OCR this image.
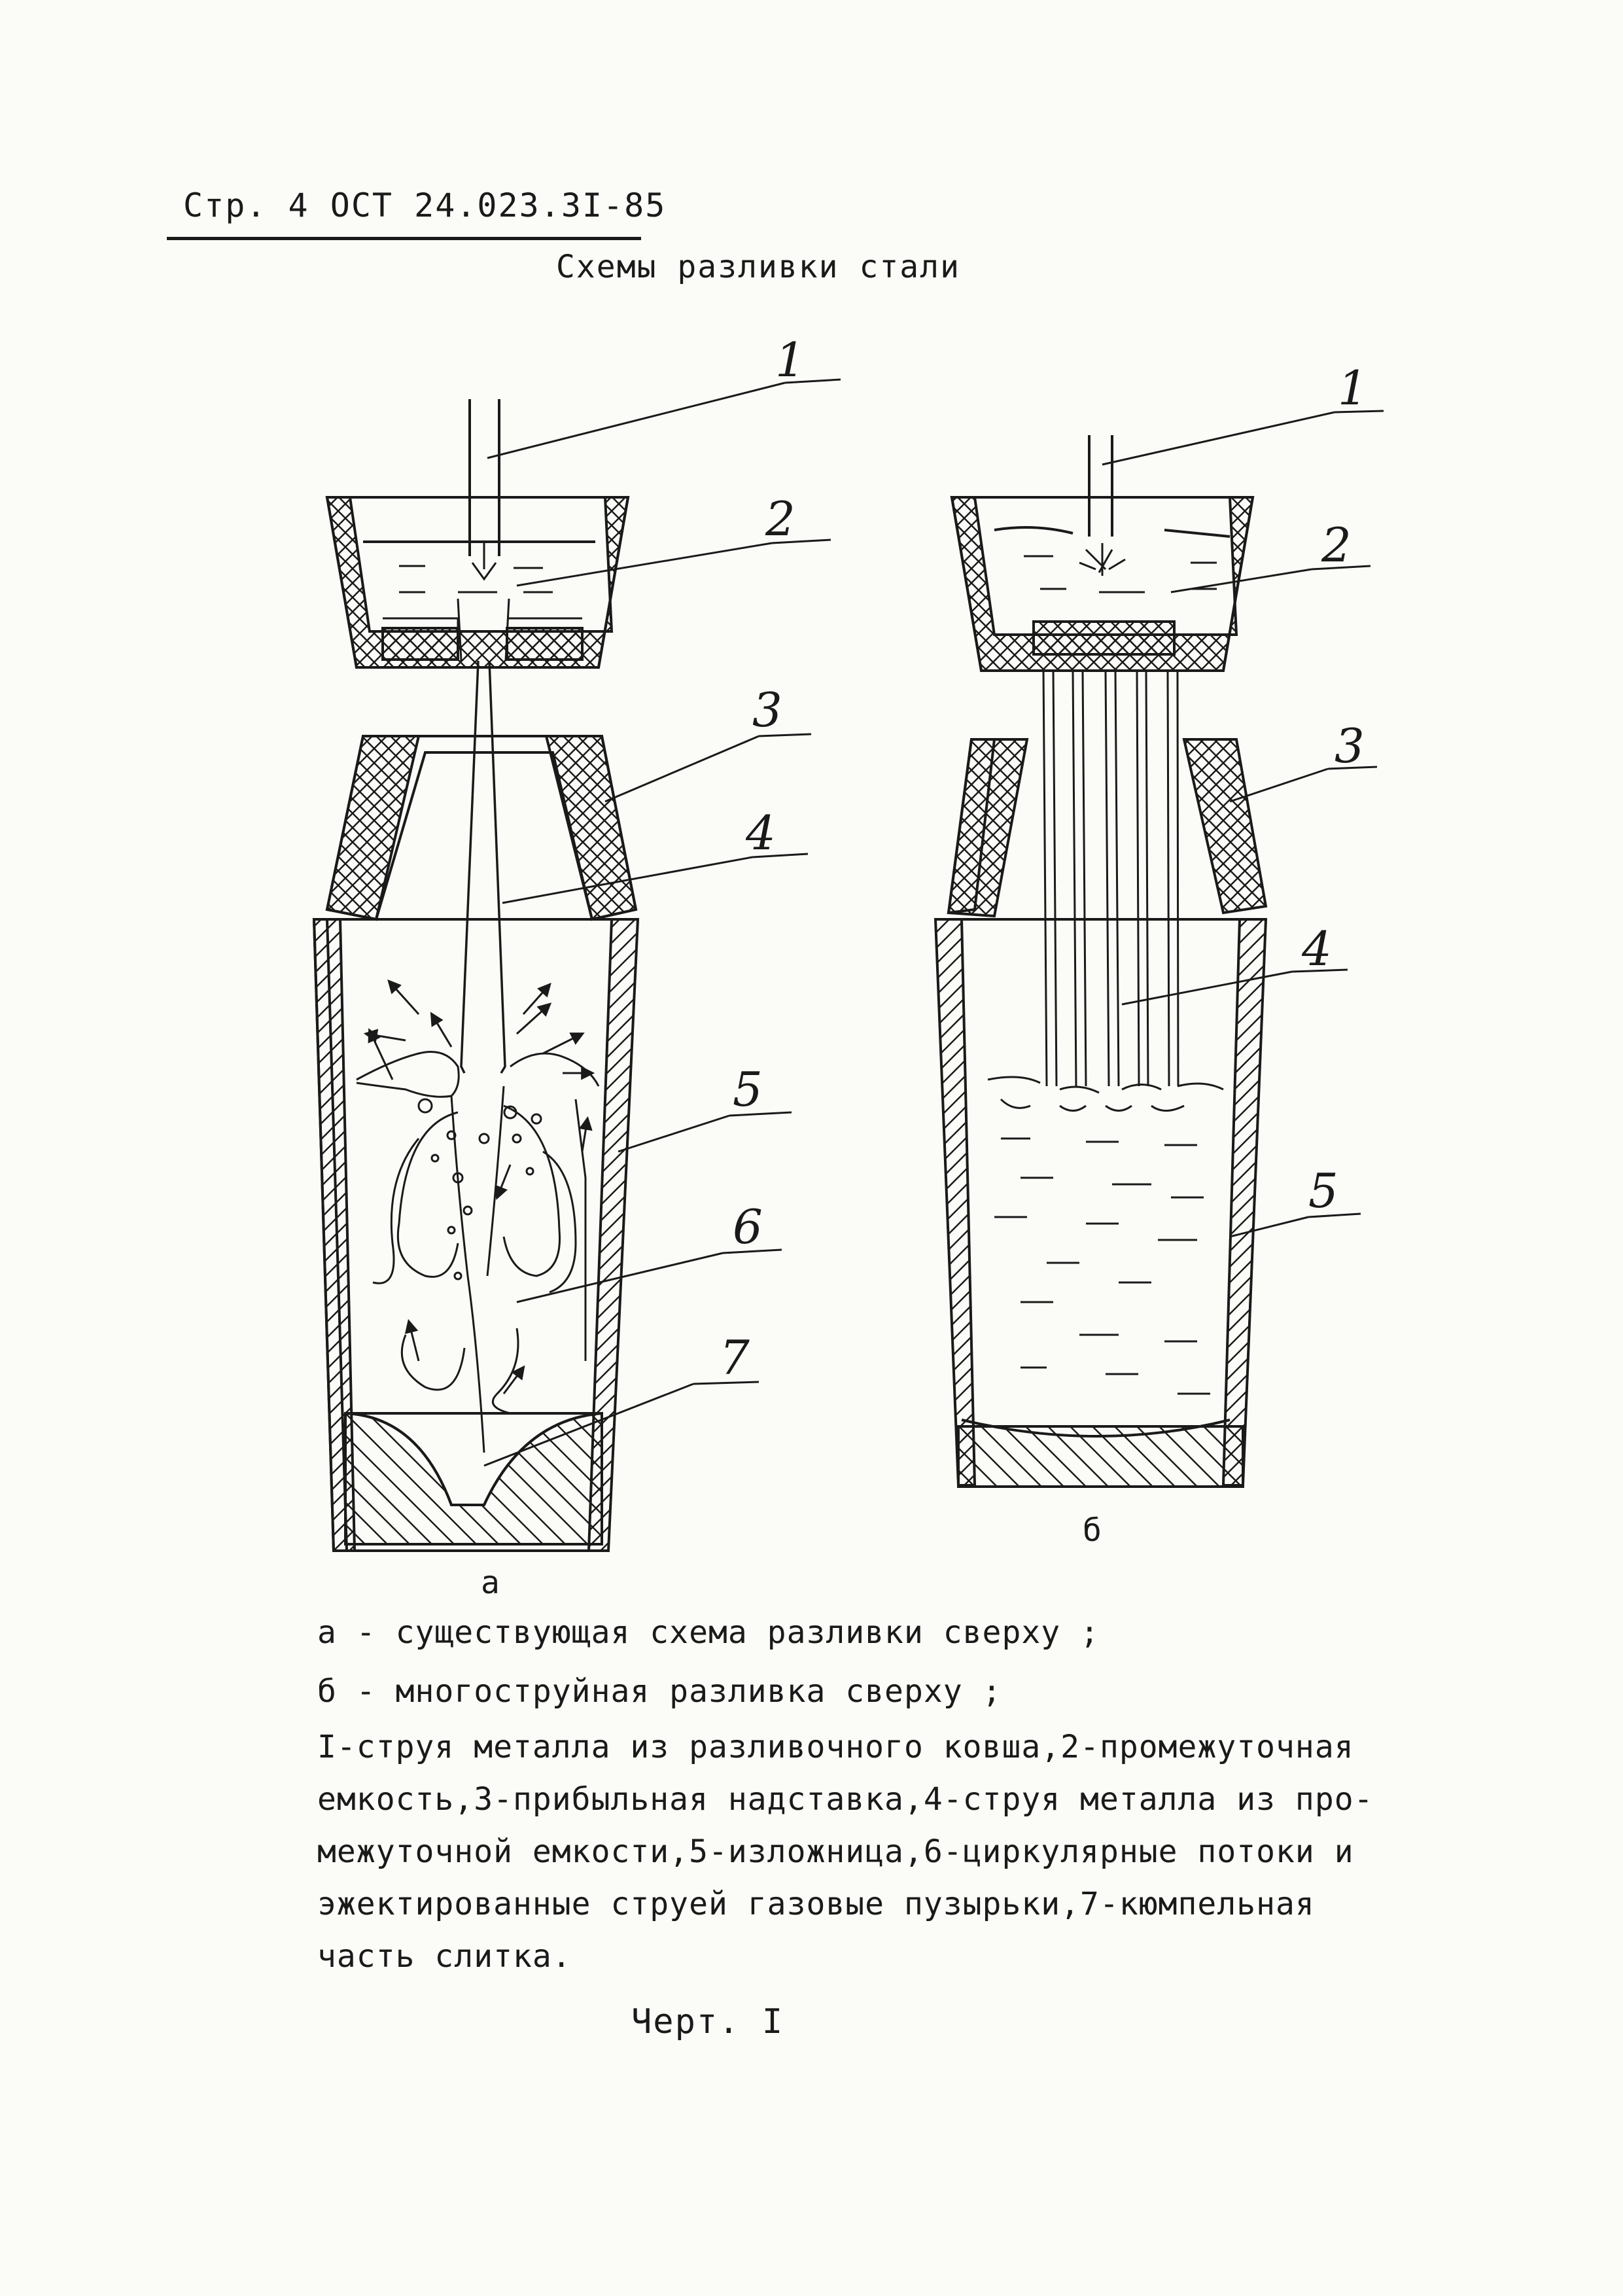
Стр. 4 ОСТ 24.023.3I-85
Схемы разливки стали
1
2
3
4
5
6
7
1
2
3
4
5
а
б
а - существующая схема разливки сверху ;
б - многоструйная разливка сверху ;
I-струя металла из разливочного ковша,2-промежуточная
емкость,3-прибыльная надставка,4-струя металла из про-
межуточной емкости,5-изложница,6-циркулярные потоки и
эжектированные струей газовые пузырьки,7-кюмпельная
часть слитка.
Черт. I
